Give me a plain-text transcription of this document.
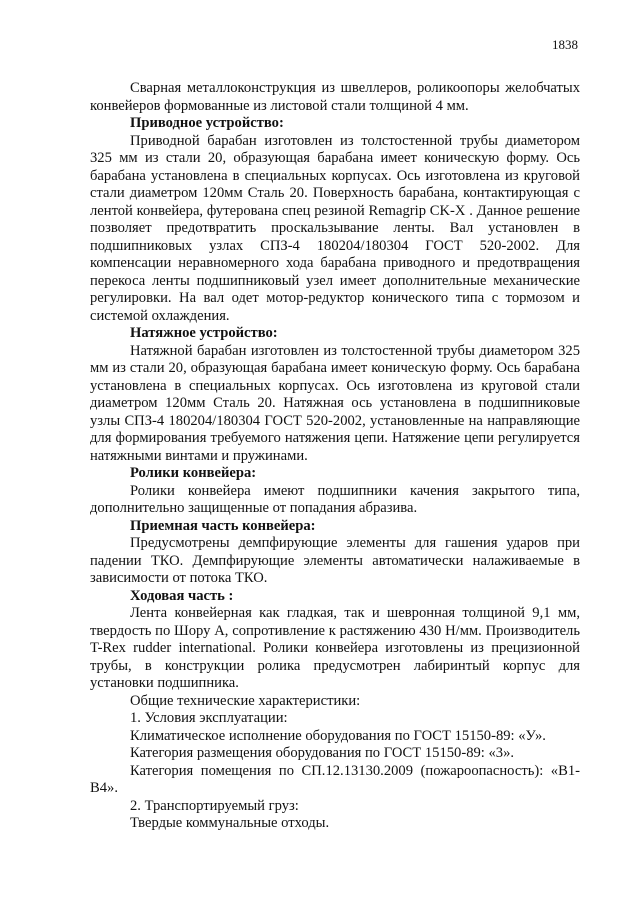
1838

Сварная металлоконструкция из швеллеров, роликоопоры желобчатых конвейеров формованные из листовой стали толщиной 4 мм.

Приводное устройство:

Приводной барабан изготовлен из толстостенной трубы диаметором 325 мм из стали 20, образующая барабана имеет коническую форму. Ось барабана установлена в специальных корпусах. Ось изготовлена из круговой стали диаметром 120мм Сталь 20. Поверхность барабана, контактирующая с лентой конвейера, футерована спец резиной Remagrip CK-X . Данное решение позволяет предотвратить проскальзывание ленты. Вал установлен в подшипниковых узлах СПЗ-4 180204/180304 ГОСТ 520-2002. Для компенсации неравномерного хода барабана приводного и предотвращения перекоса ленты подшипниковый узел имеет дополнительные механические регулировки. На вал одет мотор-редуктор конического типа с тормозом и системой охлаждения.

Натяжное устройство:

Натяжной барабан изготовлен из толстостенной трубы диаметором 325 мм из стали 20, образующая барабана имеет коническую форму. Ось барабана установлена в специальных корпусах. Ось изготовлена из круговой стали диаметром 120мм Сталь 20. Натяжная ось установлена в подшипниковые узлы СПЗ-4 180204/180304 ГОСТ 520-2002, установленные на направляющие для формирования требуемого натяжения цепи. Натяжение цепи регулируется натяжными винтами и пружинами.

Ролики конвейера:

Ролики конвейера имеют подшипники качения закрытого типа, дополнительно защищенные от попадания абразива.

Приемная часть конвейера:

Предусмотрены демпфирующие элементы для гашения ударов при падении ТКО. Демпфирующие элементы автоматически налаживаемые в зависимости от потока ТКО.

Ходовая часть :

Лента конвейерная как гладкая, так и шевронная толщиной 9,1 мм, твердость по Шору А, сопротивление к растяжению 430 Н/мм. Производитель T-Rex rudder international. Ролики конвейера изготовлены из прецизионной трубы, в конструкции ролика предусмотрен лабиринтый корпус для установки подшипника.

Общие технические характеристики:
1. Условия эксплуатации:
Климатическое исполнение оборудования по ГОСТ 15150-89: «У».
Категория размещения оборудования по ГОСТ 15150-89: «3».

Категория помещения по СП.12.13130.2009 (пожароопасность): «В1-В4».

2. Транспортируемый груз:
Твердые коммунальные отходы.
